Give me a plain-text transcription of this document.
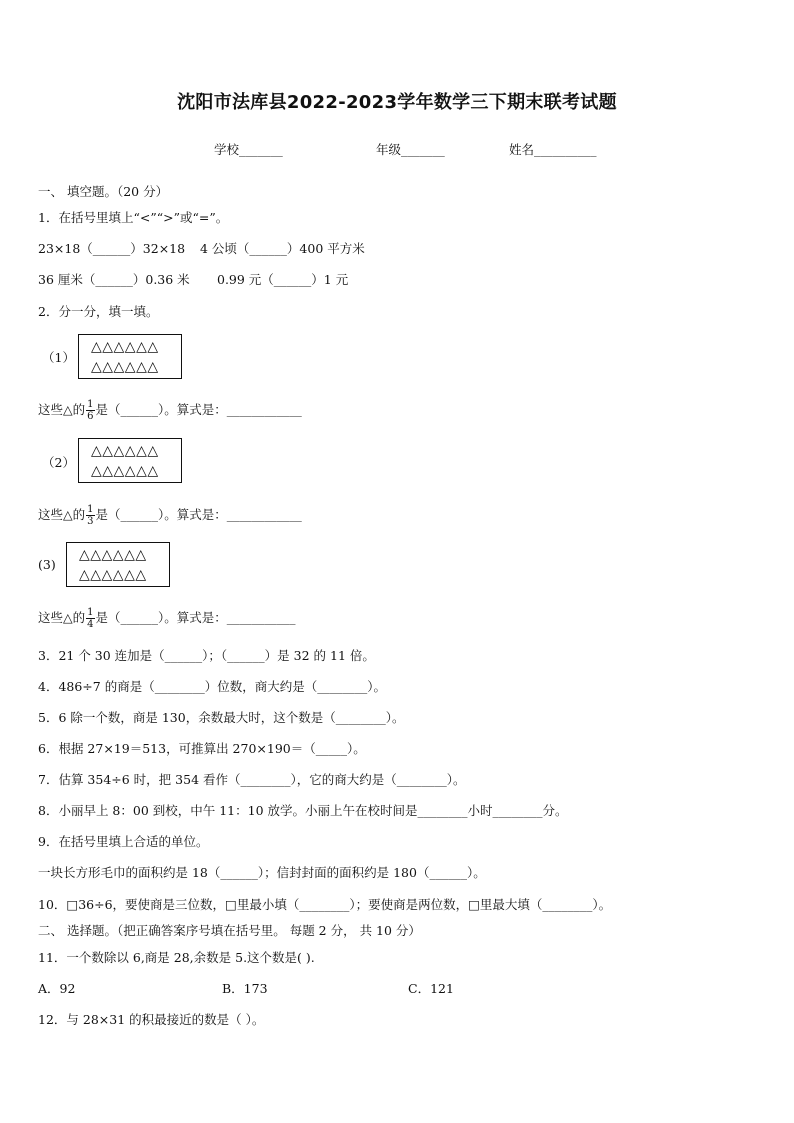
沈阳市法库县2022-2023学年数学三下期末联考试题
学校_______	年级_______	姓名__________
一、 填空题。（20 分）
1．在括号里填上“<”“>”或“=”。
23×18（______）32×18 4 公顷（______）400 平方米
36 厘米（______）0.36 米 0.99 元（______）1 元
2．分一分，填一填。
（1）
△△△△△△
△△△△△△
这些△的 $\frac{1}{6}$ 是（______）。算式是：____________
（2）
△△△△△△
△△△△△△
这些△的 $\frac{1}{3}$ 是（______）。算式是：____________
(3)
△△△△△△
△△△△△△
这些△的 $\frac{1}{4}$ 是（______）。算式是：___________
3．21 个 30 连加是（______）；（______）是 32 的 11 倍。
4．486÷7 的商是（________）位数，商大约是（________）。
5．6 除一个数，商是 130，余数最大时，这个数是（________）。
6．根据 27×19＝513，可推算出 270×190＝（_____）。
7．估算 354÷6 时，把 354 看作（________），它的商大约是（________）。
8．小丽早上 8：00 到校，中午 11：10 放学。小丽上午在校时间是________小时________分。
9．在括号里填上合适的单位。
一块长方形毛巾的面积约是 18（______）；信封封面的面积约是 180（______）。
10．□36÷6，要使商是三位数，□里最小填（________）；要使商是两位数，□里最大填（________）。
二、 选择题。（把正确答案序号填在括号里。 每题 2 分， 共 10 分）
11．一个数除以 6,商是 28,余数是 5.这个数是( ).
A．92	B．173	C．121
12．与 28×31 的积最接近的数是（ ）。
